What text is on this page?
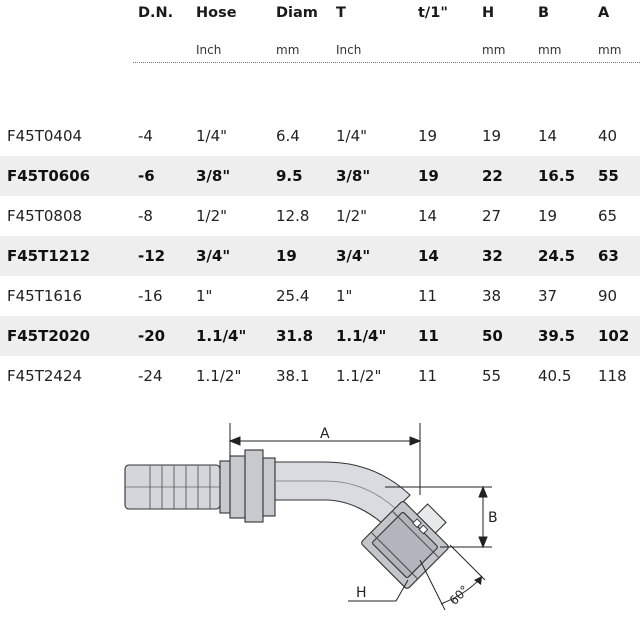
D.N. Hose	Diam T	t/1" H	B	A
Inch	mm	Inch	mm	mm	mm
F45T0404	-4	1/4"	6.4 1/4"	19	19 14	40
F45T0606	-6	3/8"	9.5 3/8"	19	22 16.5 55
F45T0808	-8	1/2"	12.8 1/2"	14	27 19	65
F45T1212	-12 3/4"	19	3/4"	14	32 24.5 63
F45T1616	-16 1"	25.4 1"	11	38 37	90
F45T2020	-20 1.1/4" 31.8 1.1/4" 11	50 39.5 102
F45T2424	-24 1.1/2" 38.1 1.1/2" 11	55 40.5 118
A
B
H	60°
